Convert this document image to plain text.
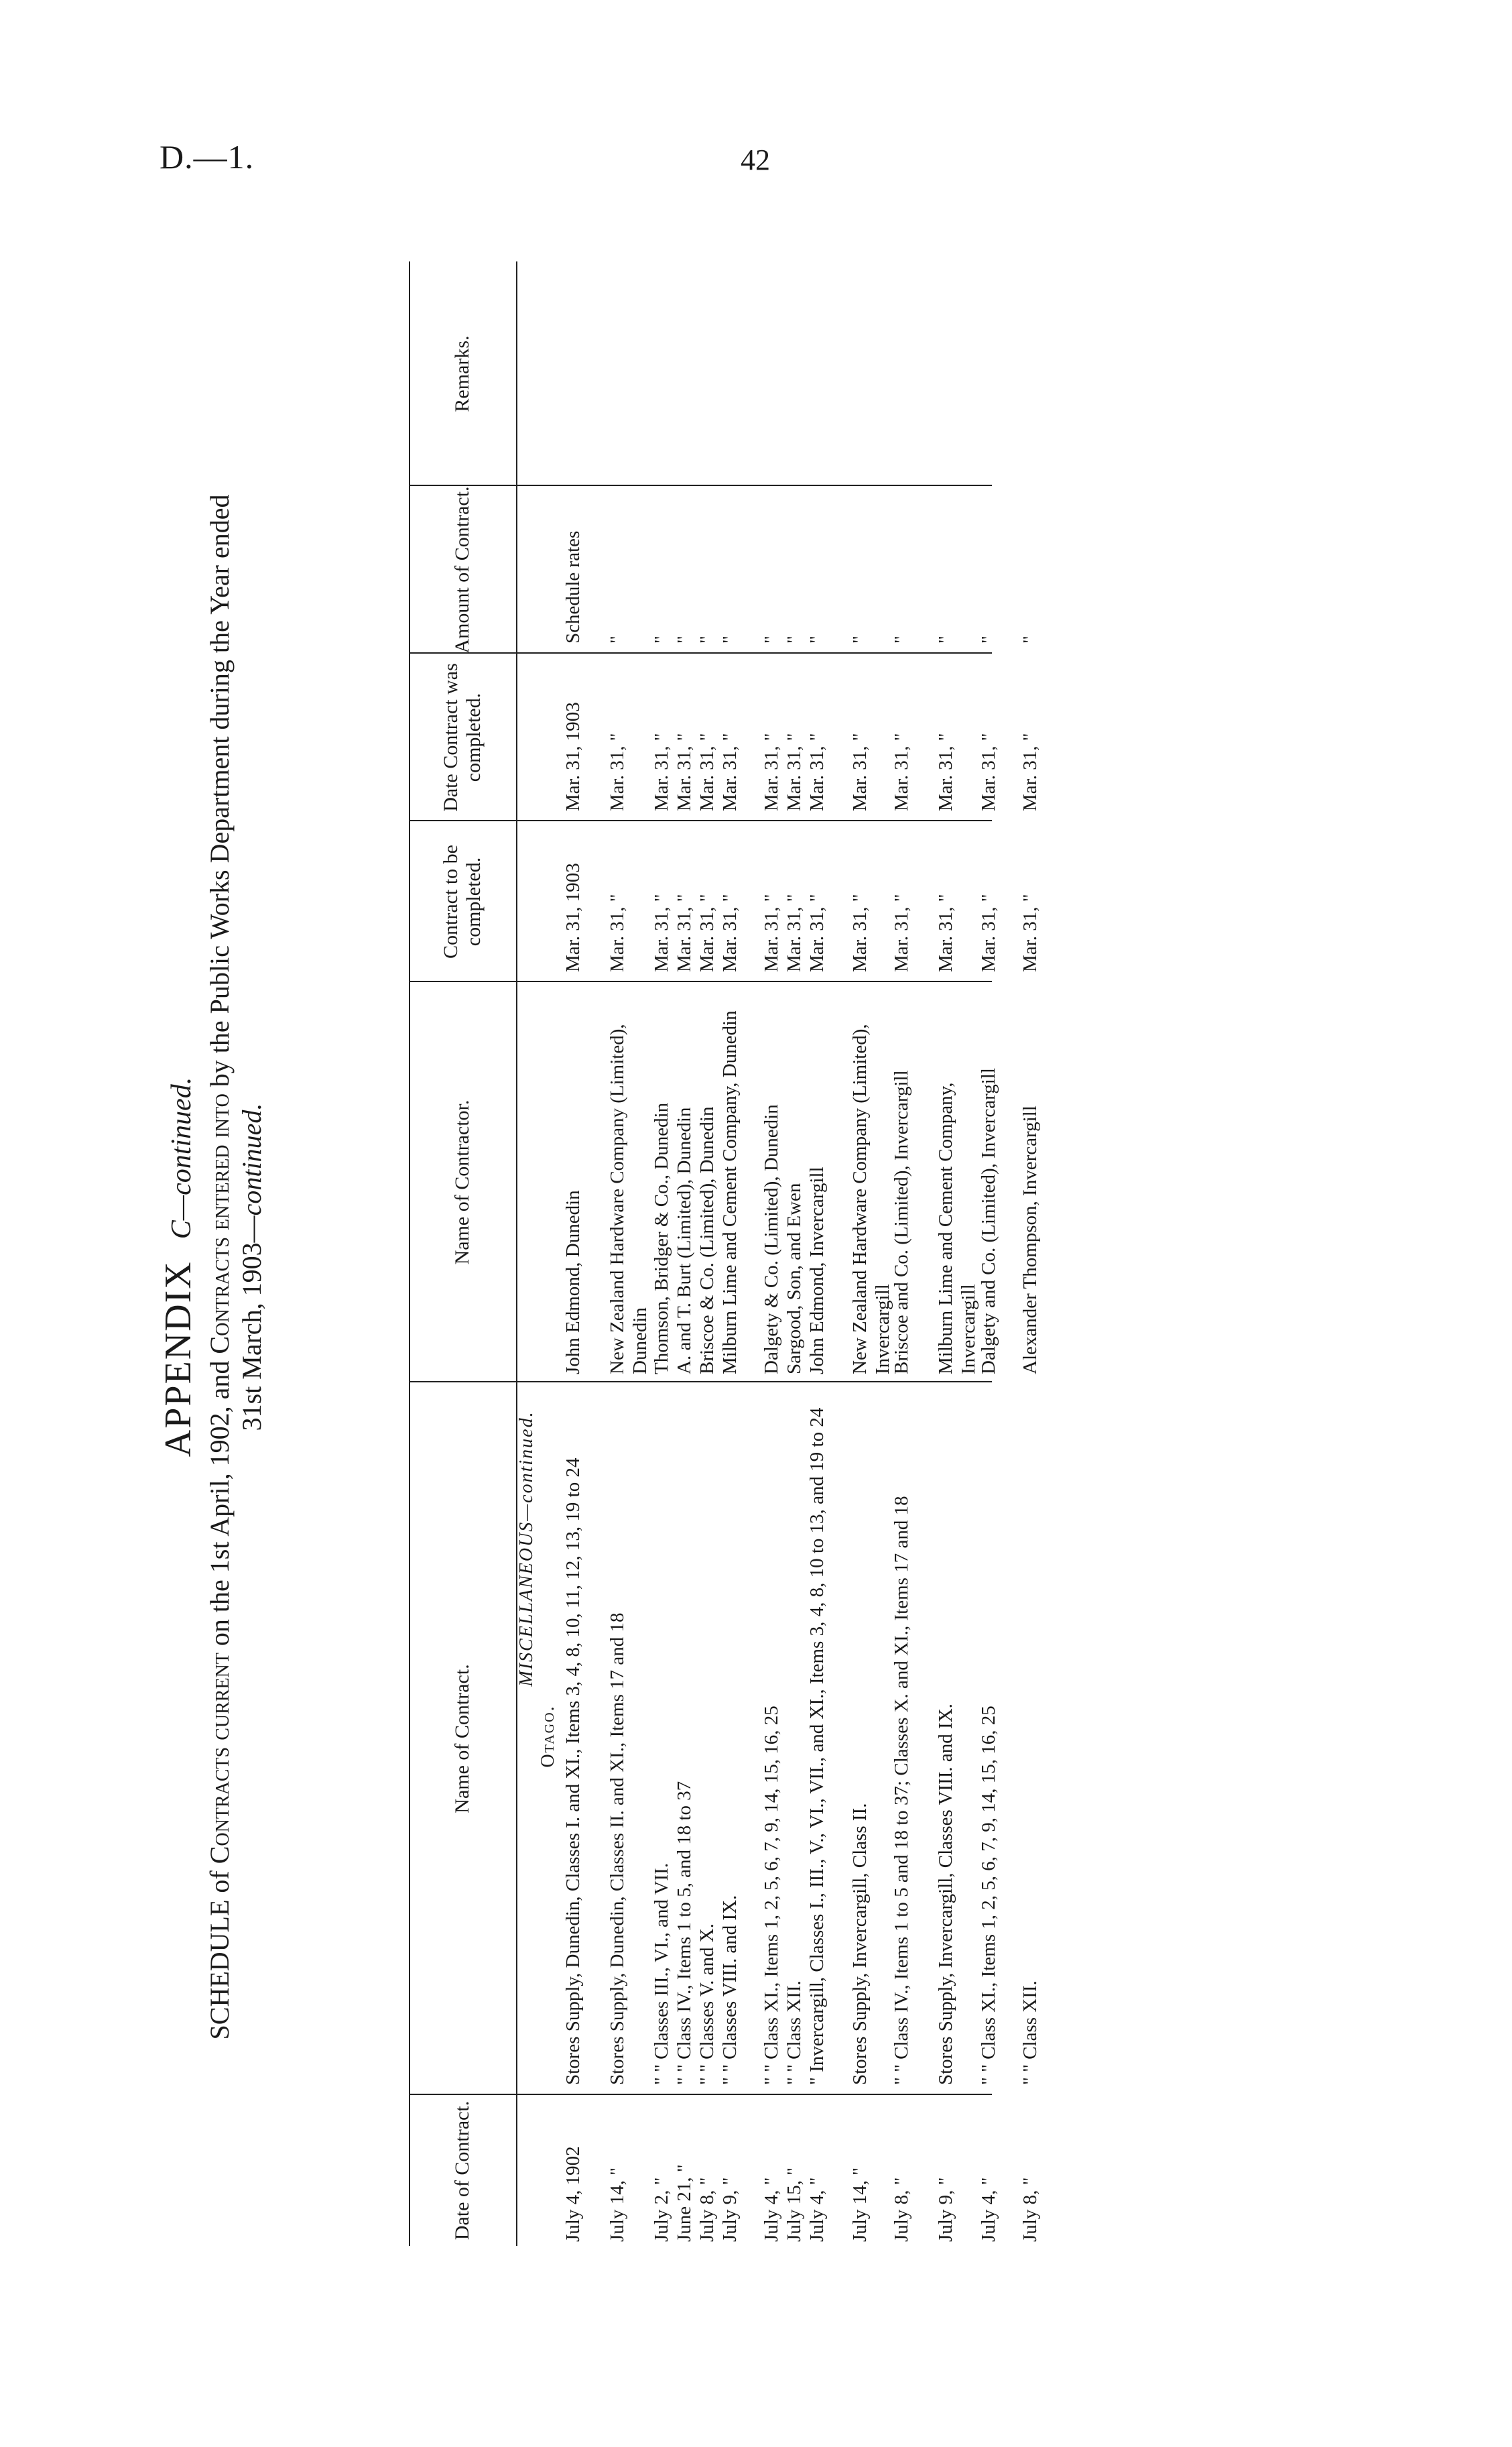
D.—1.	42
APPENDIX  C—continued.
SCHEDULE of Contracts current on the 1st April, 1902, and Contracts entered into by the Public Works Department during the Year ended
31st March, 1903—continued.
Date of Contract.
Name of Contract.
Name of Contractor.
Contract to be completed.
Date Contract was completed.
Amount of Contract.
Remarks.
MISCELLANEOUS—continued.
Otago.
July 4, 1902
Stores Supply, Dunedin, Classes I. and XI., Items 3, 4, 8, 10, 11, 12, 13, 19 to 24
John Edmond, Dunedin
Mar. 31, 1903
Mar. 31, 1903
Schedule rates
July 14, "
Stores Supply, Dunedin, Classes II. and XI., Items 17 and 18
New Zealand Hardware Company (Limited), Dunedin
Mar. 31, "
Mar. 31, "
"
July 2, "
" " Classes III., VI., and VII.
Thomson, Bridger & Co., Dunedin
Mar. 31, "
Mar. 31, "
"
June 21, "
" " Class IV., Items 1 to 5, and 18 to 37
A. and T. Burt (Limited), Dunedin
Mar. 31, "
Mar. 31, "
"
July 8, "
" " Classes V. and X.
Briscoe & Co. (Limited), Dunedin
Mar. 31, "
Mar. 31, "
"
July 9, "
" " Classes VIII. and IX.
Milburn Lime and Cement Company, Dunedin
Mar. 31, "
Mar. 31, "
"
July 4, "
" " Class XI., Items 1, 2, 5, 6, 7, 9, 14, 15, 16, 25
Dalgety & Co. (Limited), Dunedin
Mar. 31, "
Mar. 31, "
"
July 15, "
" " Class XII.
Sargood, Son, and Ewen
Mar. 31, "
Mar. 31, "
"
July 4, "
" Invercargill, Classes I., III., V., VI., VII., and XI., Items 3, 4, 8, 10 to 13, and 19 to 24
John Edmond, Invercargill
Mar. 31, "
Mar. 31, "
"
July 14, "
Stores Supply, Invercargill, Class II.
New Zealand Hardware Company (Limited), Invercargill
Mar. 31, "
Mar. 31, "
"
July 8, "
" " Class IV., Items 1 to 5 and 18 to 37; Classes X. and XI., Items 17 and 18
Briscoe and Co. (Limited), Invercargill
Mar. 31, "
Mar. 31, "
"
July 9, "
Stores Supply, Invercargill, Classes VIII. and IX.
Milburn Lime and Cement Company, Invercargill
Mar. 31, "
Mar. 31, "
"
July 4, "
" " Class XI., Items 1, 2, 5, 6, 7, 9, 14, 15, 16, 25
Dalgety and Co. (Limited), Invercargill
Mar. 31, "
Mar. 31, "
"
July 8, "
" " Class XII.
Alexander Thompson, Invercargill
Mar. 31, "
Mar. 31, "
"
